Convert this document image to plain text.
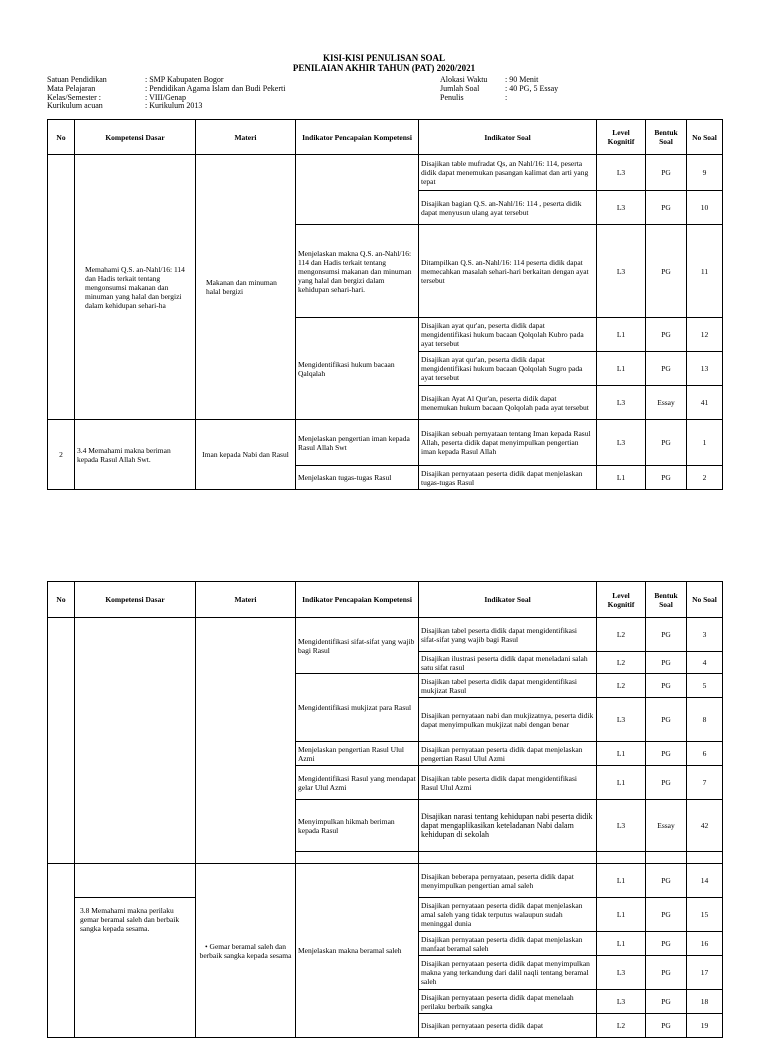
KISI-KISI PENULISAN SOAL
PENILAIAN AKHIR TAHUN (PAT) 2020/2021
Satuan Pendidikan	: SMP Kabupaten Bogor
Mata Pelajaran	: Pendidikan Agama Islam dan Budi Pekerti
Kelas/Semester :	: VIII/Genap
Kurikulum acuan	: Kurikulum 2013
Alokasi Waktu : 90 Menit
Jumlah Soal	: 40 PG, 5 Essay
Penulis	:
No	Kompetensi Dasar	Materi	Indikator Pencapaian Kompetensi	Indikator Soal	Level Kognitif	Bentuk Soal	No Soal
	Memahami Q.S. an-Nahl/16: 114 dan Hadis terkait tentang mengonsumsi makanan dan minuman yang halal dan bergizi dalam kehidupan sehari-ha	Makanan dan minuman halal bergizi		Disajikan table mufradat Qs, an Nahl/16: 114, peserta didik dapat menemukan pasangan kalimat dan arti yang tepat	L3	PG	9
				Disajikan bagian Q.S. an-Nahl/16: 114 , peserta didik dapat menyusun ulang ayat tersebut	L3	PG	10
			Menjelaskan makna Q.S. an-Nahl/16: 114 dan Hadis terkait tentang mengonsumsi makanan dan minuman yang halal dan bergizi dalam kehidupan sehari-hari.	Ditampilkan Q.S. an-Nahl/16: 114 peserta didik dapat memecahkan masalah sehari-hari berkaitan dengan ayat tersebut	L3	PG	11
			Mengidentifikasi hukum bacaan Qalqalah	Disajikan ayat qur'an, peserta didik dapat mengidentifikasi hukum bacaan Qolqolah Kubro pada ayat tersebut	L1	PG	12
				Disajikan ayat qur'an, peserta didik dapat mengidentifikasi hukum bacaan Qolqolah Sugro pada ayat tersebut	L1	PG	13
				Disajikan Ayat Al Qur'an, peserta didik dapat menemukan hukum bacaan Qolqolah pada ayat tersebut	L3	Essay	41
2	3.4 Memahami makna beriman kepada Rasul Allah Swt.	Iman kepada Nabi dan Rasul	Menjelaskan pengertian iman kepada Rasul Allah Swt	Disajikan sebuah pernyataan tentang Iman kepada Rasul Allah, peserta didik dapat menyimpulkan pengertian iman kepada Rasul Allah	L3	PG	1
			Menjelaskan tugas-tugas Rasul	Disajikan pernyataan peserta didik dapat menjelaskan tugas-tugas Rasul	L1	PG	2
No	Kompetensi Dasar	Materi	Indikator Pencapaian Kompetensi	Indikator Soal	Level Kognitif	Bentuk Soal	No Soal
			Mengidentifikasi sifat-sifat yang wajib bagi Rasul	Disajikan tabel peserta didik dapat mengidentifikasi sifat-sifat yang wajib bagi Rasul	L2	PG	3
				Disajikan ilustrasi peserta didik dapat meneladani salah satu sifat rasul	L2	PG	4
			Mengidentifikasi mukjizat para Rasul	Disajikan tabel peserta didik dapat mengidentifikasi mukjizat Rasul	L2	PG	5
				Disajikan pernyataan nabi dan mukjizatnya, peserta didik dapat menyimpulkan mukjizat nabi dengan benar	L3	PG	8
			Menjelaskan pengertian Rasul Ulul Azmi	Disajikan pernyataan peserta didik dapat menjelaskan pengertian Rasul Ulul Azmi	L1	PG	6
			Mengidentifikasi Rasul yang mendapat gelar Ulul Azmi	Disajikan table peserta didik dapat mengidentifikasi Rasul Ulul Azmi	L1	PG	7
			Menyimpulkan hikmah beriman kepada Rasul	Disajikan narasi tentang kehidupan nabi peserta didik dapat mengaplikasikan keteladanan Nabi dalam kehidupan di sekolah	L3	Essay	42

		• Gemar beramal saleh dan berbaik sangka kepada sesama	Menjelaskan makna beramal saleh	Disajikan beberapa pernyataan, peserta didik dapat menyimpulkan pengertian amal saleh	L1	PG	14
	3.8 Memahami makna perilaku gemar beramal saleh dan berbaik sangka kepada sesama.			Disajikan pernyataan peserta didik dapat menjelaskan amal saleh yang tidak terputus walaupun sudah meninggal dunia	L1	PG	15
				Disajikan pernyataan peserta didik dapat menjelaskan manfaat beramal saleh	L1	PG	16
				Disajikan pernyataan peserta didik dapat menyimpulkan makna yang terkandung dari dalil naqli tentang beramal saleh	L3	PG	17
				Disajikan pernyataan peserta didik dapat menelaah perilaku berbaik sangka	L3	PG	18
				Disajikan pernyataan peserta didik dapat	L2	PG	19
